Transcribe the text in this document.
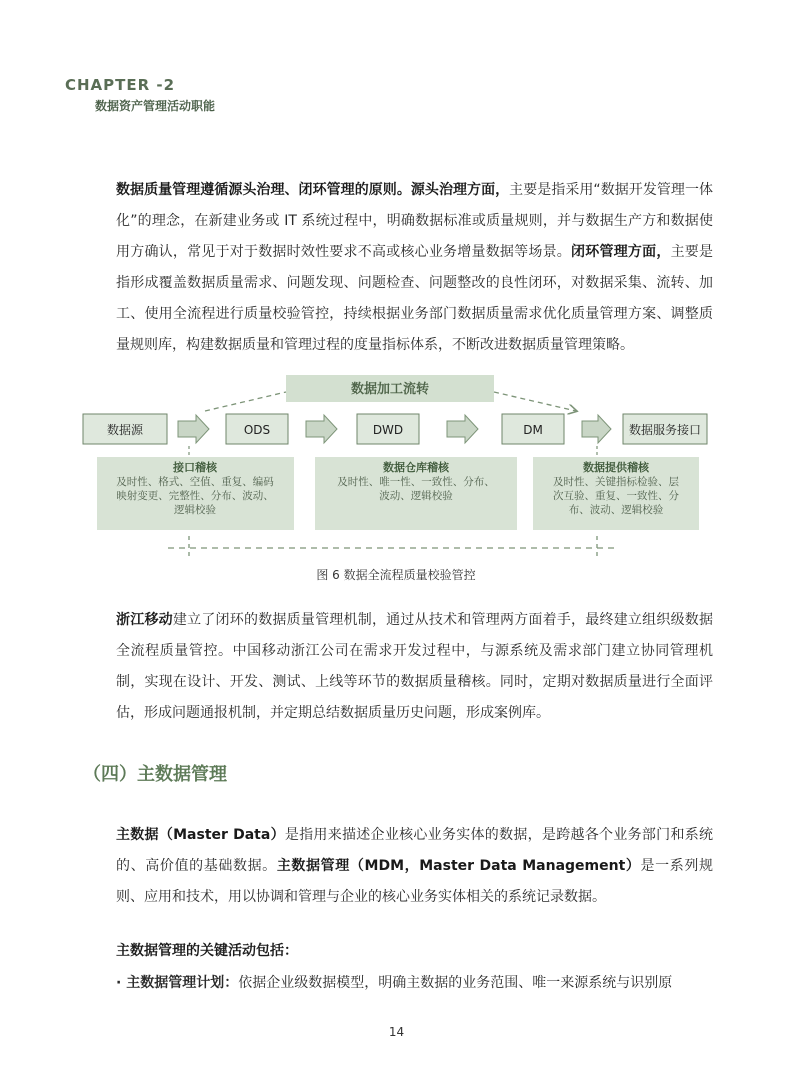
CHAPTER -2
数据资产管理活动职能

数据质量管理遵循源头治理、闭环管理的原则。源头治理方面，主要是指采用“数据开发管理一体化”的理念，在新建业务或 IT 系统过程中，明确数据标准或质量规则，并与数据生产方和数据使用方确认，常见于对于数据时效性要求不高或核心业务增量数据等场景。闭环管理方面，主要是指形成覆盖数据质量需求、问题发现、问题检查、问题整改的良性闭环，对数据采集、流转、加工、使用全流程进行质量校验管控，持续根据业务部门数据质量需求优化质量管理方案、调整质量规则库，构建数据质量和管理过程的度量指标体系，不断改进数据质量管理策略。

数据加工流转
数据源	ODS	DWD	DM	数据服务接口
接口稽核
及时性、格式、空值、重复、编码
映射变更、完整性、分布、波动、
逻辑校验
数据仓库稽核
及时性、唯一性、一致性、分布、
波动、逻辑校验
数据提供稽核
及时性、关键指标检验、层
次互验、重复、一致性、分
布、波动、逻辑校验
图 6 数据全流程质量校验管控

浙江移动建立了闭环的数据质量管理机制，通过从技术和管理两方面着手，最终建立组织级数据全流程质量管控。中国移动浙江公司在需求开发过程中，与源系统及需求部门建立协同管理机制，实现在设计、开发、测试、上线等环节的数据质量稽核。同时，定期对数据质量进行全面评估，形成问题通报机制，并定期总结数据质量历史问题，形成案例库。

（四）主数据管理

主数据（Master Data）是指用来描述企业核心业务实体的数据，是跨越各个业务部门和系统的、高价值的基础数据。主数据管理（MDM，Master Data Management）是一系列规则、应用和技术，用以协调和管理与企业的核心业务实体相关的系统记录数据。

主数据管理的关键活动包括：
· 主数据管理计划：依据企业级数据模型，明确主数据的业务范围、唯一来源系统与识别原
14
